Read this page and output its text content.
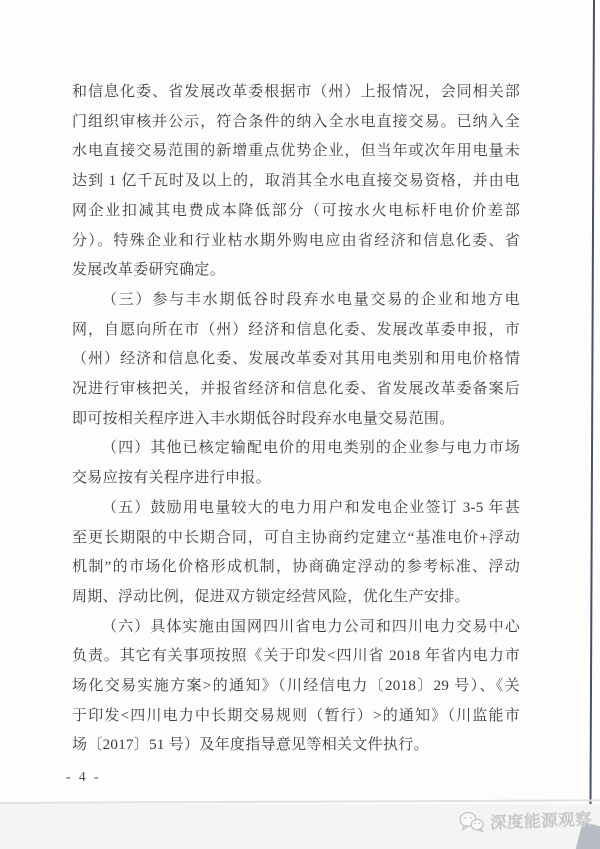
和信息化委、省发展改革委根据市（州）上报情况，会同相关部
门组织审核并公示，符合条件的纳入全水电直接交易。已纳入全
水电直接交易范围的新增重点优势企业，但当年或次年用电量未
达到 1 亿千瓦时及以上的，取消其全水电直接交易资格，并由电
网企业扣减其电费成本降低部分（可按水火电标杆电价价差部
分）。特殊企业和行业枯水期外购电应由省经济和信息化委、省
发展改革委研究确定。
（三）参与丰水期低谷时段弃水电量交易的企业和地方电
网，自愿向所在市（州）经济和信息化委、发展改革委申报，市
（州）经济和信息化委、发展改革委对其用电类别和用电价格情
况进行审核把关，并报省经济和信息化委、省发展改革委备案后
即可按相关程序进入丰水期低谷时段弃水电量交易范围。
（四）其他已核定输配电价的用电类别的企业参与电力市场
交易应按有关程序进行申报。
（五）鼓励用电量较大的电力用户和发电企业签订 3-5 年甚
至更长期限的中长期合同，可自主协商约定建立“基准电价+浮动
机制”的市场化价格形成机制，协商确定浮动的参考标准、浮动
周期、浮动比例，促进双方锁定经营风险，优化生产安排。
（六）具体实施由国网四川省电力公司和四川电力交易中心
负责。其它有关事项按照《关于印发<四川省 2018 年省内电力市
场化交易实施方案>的通知》（川经信电力〔2018〕29 号）、《关
于印发<四川电力中长期交易规则（暂行）>的通知》（川监能市
场〔2017〕51 号）及年度指导意见等相关文件执行。
- 4 -
深度能源观察
